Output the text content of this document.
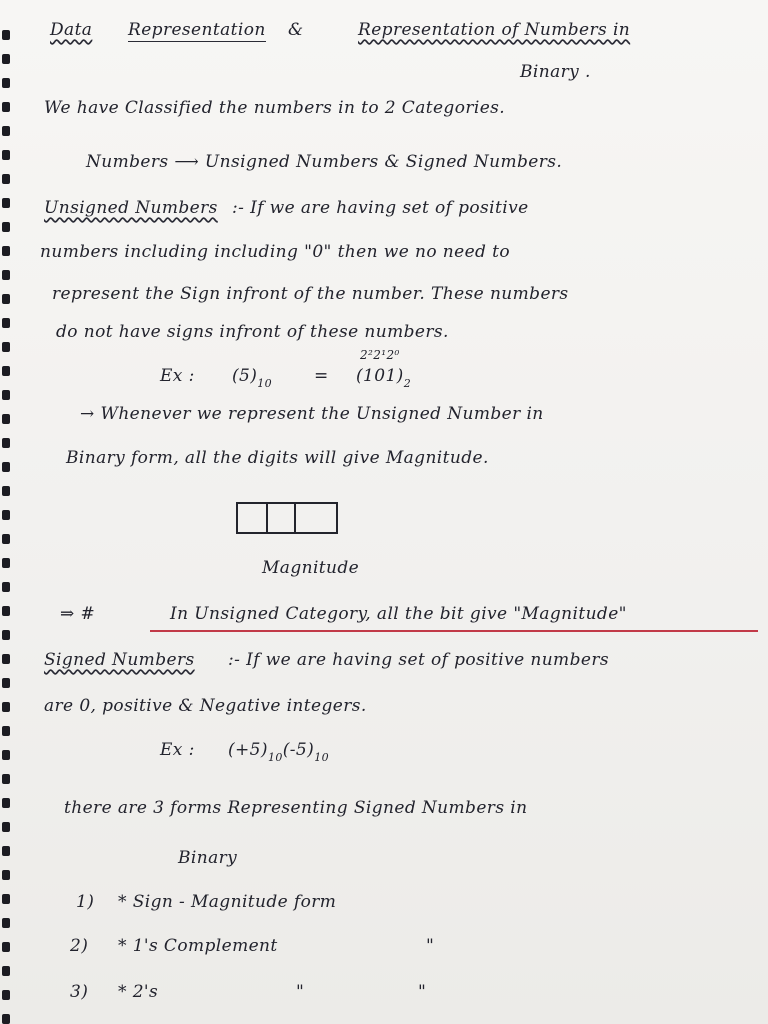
Data Representation &	Representation of Numbers in
Binary .
We have Classified the numbers in to 2 Categories.
Numbers ⟶ Unsigned Numbers & Signed Numbers.
Unsigned Numbers :- If we are having set of positive
numbers including including "0" then we no need to
represent the Sign infront of the number. These numbers
do not have signs infront of these numbers.
Ex : $(5)_{10}$ =
2²2¹2⁰
$(101)_2$
→ Whenever we represent the Unsigned Number in
Binary form, all the digits will give Magnitude.
Magnitude
⇒ #	In Unsigned Category, all the bit give "Magnitude"
Signed Numbers :- If we are having set of positive numbers
are 0, positive & Negative integers.
Ex : $(+5)_{10}(-5)_{10}$
there are 3 forms Representing Signed Numbers in
Binary
1) * Sign - Magnitude form
2) * 1's Complement	"
3) * 2's	"	"
